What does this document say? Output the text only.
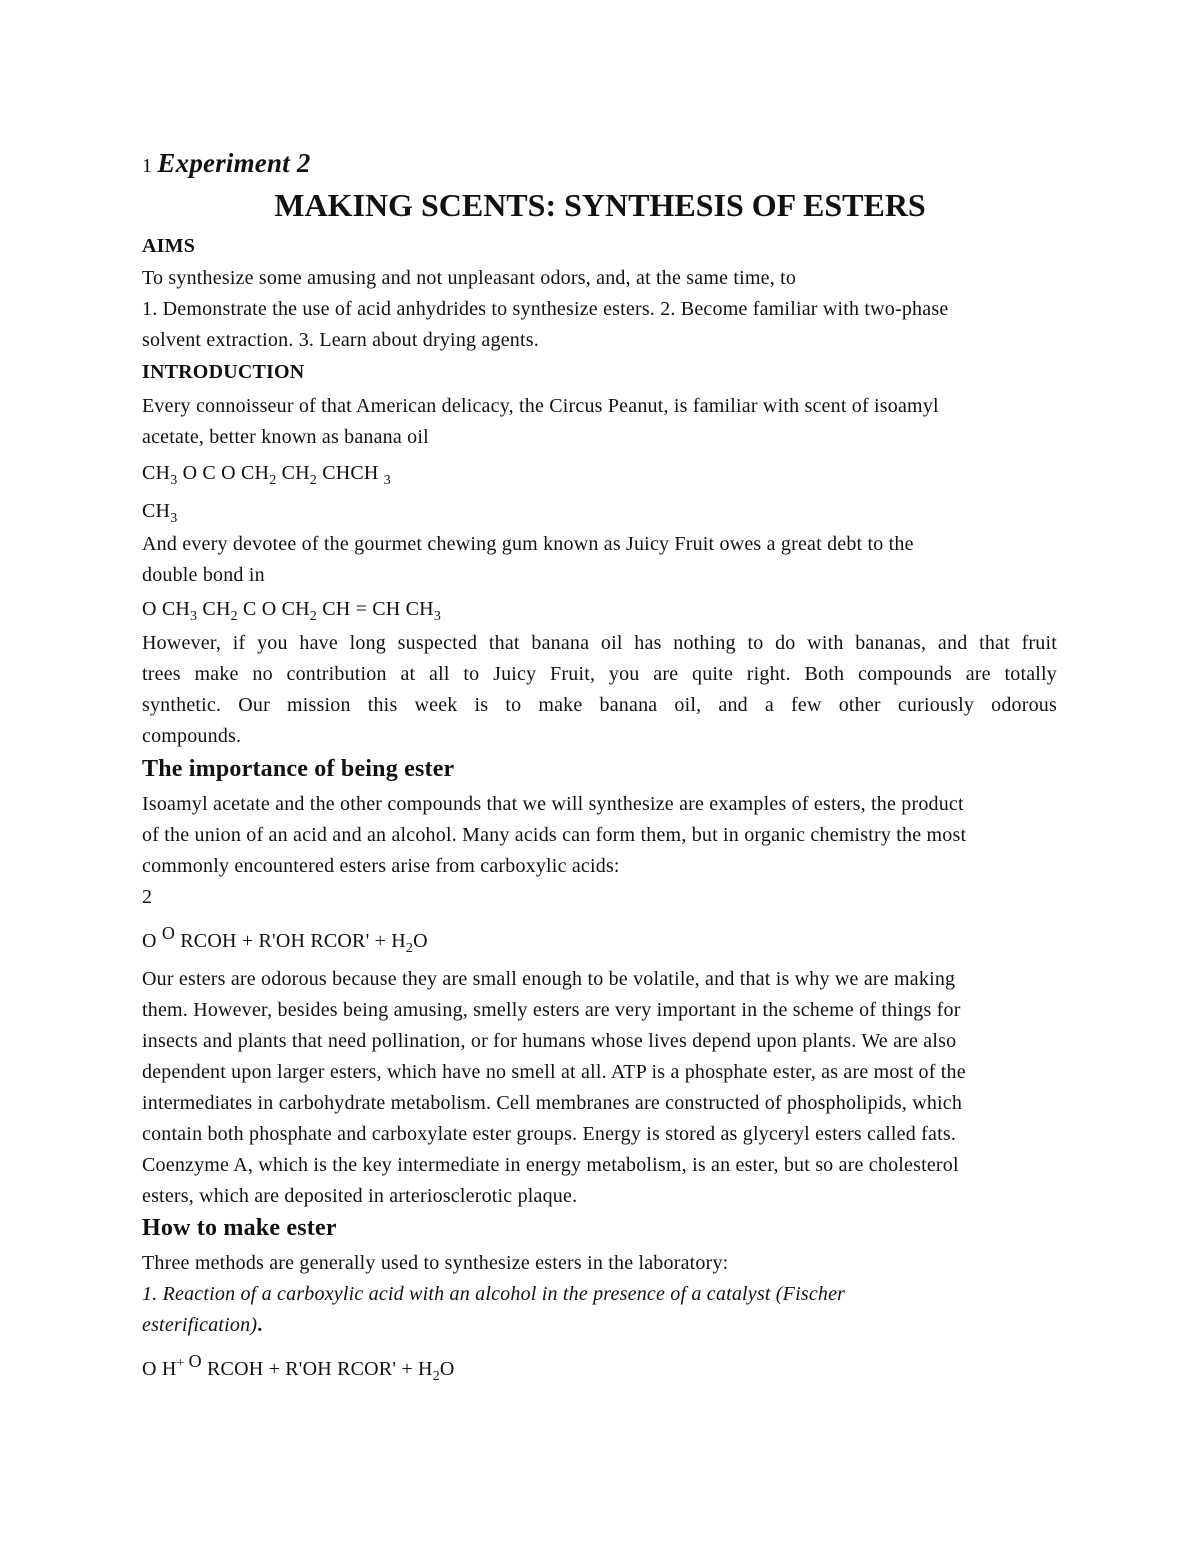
1 Experiment 2
MAKING SCENTS: SYNTHESIS OF ESTERS
AIMS
To synthesize some amusing and not unpleasant odors, and, at the same time, to
1. Demonstrate the use of acid anhydrides to synthesize esters. 2. Become familiar with two-phase
solvent extraction. 3. Learn about drying agents.
INTRODUCTION
Every connoisseur of that American delicacy, the Circus Peanut, is familiar with scent of isoamyl
acetate, better known as banana oil
$CH_3$ O C O $CH_2$ $CH_2$ CHCH $_3$
$CH_3$
And every devotee of the gourmet chewing gum known as Juicy Fruit owes a great debt to the
double bond in
O $CH_3$ $CH_2$ C O $CH_2$ CH = CH $CH_3$
However, if you have long suspected that banana oil has nothing to do with bananas, and that fruit
trees make no contribution at all to Juicy Fruit, you are quite right. Both compounds are totally
synthetic. Our mission this week is to make banana oil, and a few other curiously odorous
compounds.
The importance of being ester
Isoamyl acetate and the other compounds that we will synthesize are examples of esters, the product
of the union of an acid and an alcohol. Many acids can form them, but in organic chemistry the most
commonly encountered esters arise from carboxylic acids:
2
O O RCOH + R'OH RCOR' + $H_2O$
Our esters are odorous because they are small enough to be volatile, and that is why we are making
them. However, besides being amusing, smelly esters are very important in the scheme of things for
insects and plants that need pollination, or for humans whose lives depend upon plants. We are also
dependent upon larger esters, which have no smell at all. ATP is a phosphate ester, as are most of the
intermediates in carbohydrate metabolism. Cell membranes are constructed of phospholipids, which
contain both phosphate and carboxylate ester groups. Energy is stored as glyceryl esters called fats.
Coenzyme A, which is the key intermediate in energy metabolism, is an ester, but so are cholesterol
esters, which are deposited in arteriosclerotic plaque.
How to make ester
Three methods are generally used to synthesize esters in the laboratory:
1. Reaction of a carboxylic acid with an alcohol in the presence of a catalyst (Fischer
esterification).
O H+ O RCOH + R'OH RCOR' + $H_2O$
